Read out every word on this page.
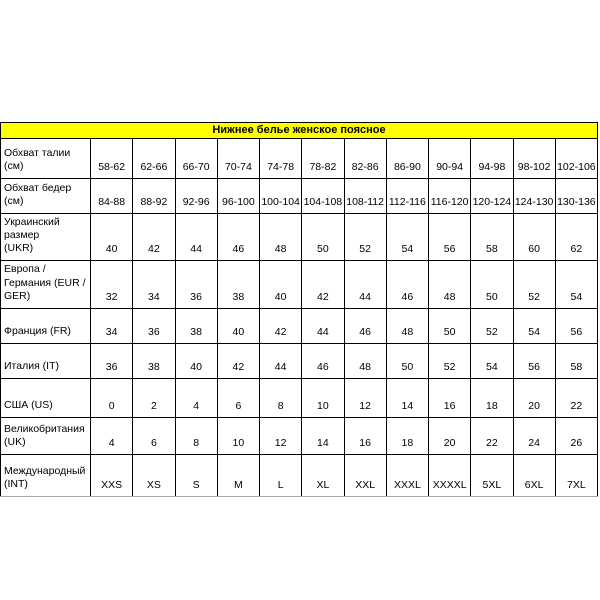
Нижнее белье женское поясное												

Обхват талии (см)	58-62	62-66	66-70	70-74	74-78	78-82	82-86	86-90	90-94	94-98	98-102	102-106

Обхват бедер (см)	84-88	88-92	92-96	96-100	100-104	104-108	108-112	112-116	116-120	120-124	124-130	130-136

Украинский размер
(UKR)	40	42	44	46	48	50	52	54	56	58	60	62

Европа /
Германия (EUR /
GER)	32	34	36	38	40	42	44	46	48	50	52	54

Франция (FR)	34	36	38	40	42	44	46	48	50	52	54	56

Италия (IT)	36	38	40	42	44	46	48	50	52	54	56	58

США (US)	0	2	4	6	8	10	12	14	16	18	20	22

Великобритания
(UK)	4	6	8	10	12	14	16	18	20	22	24	26

Международный
(INT)	XXS	XS	S	M	L	XL	XXL	XXXL	XXXXL	5XL	6XL	7XL
